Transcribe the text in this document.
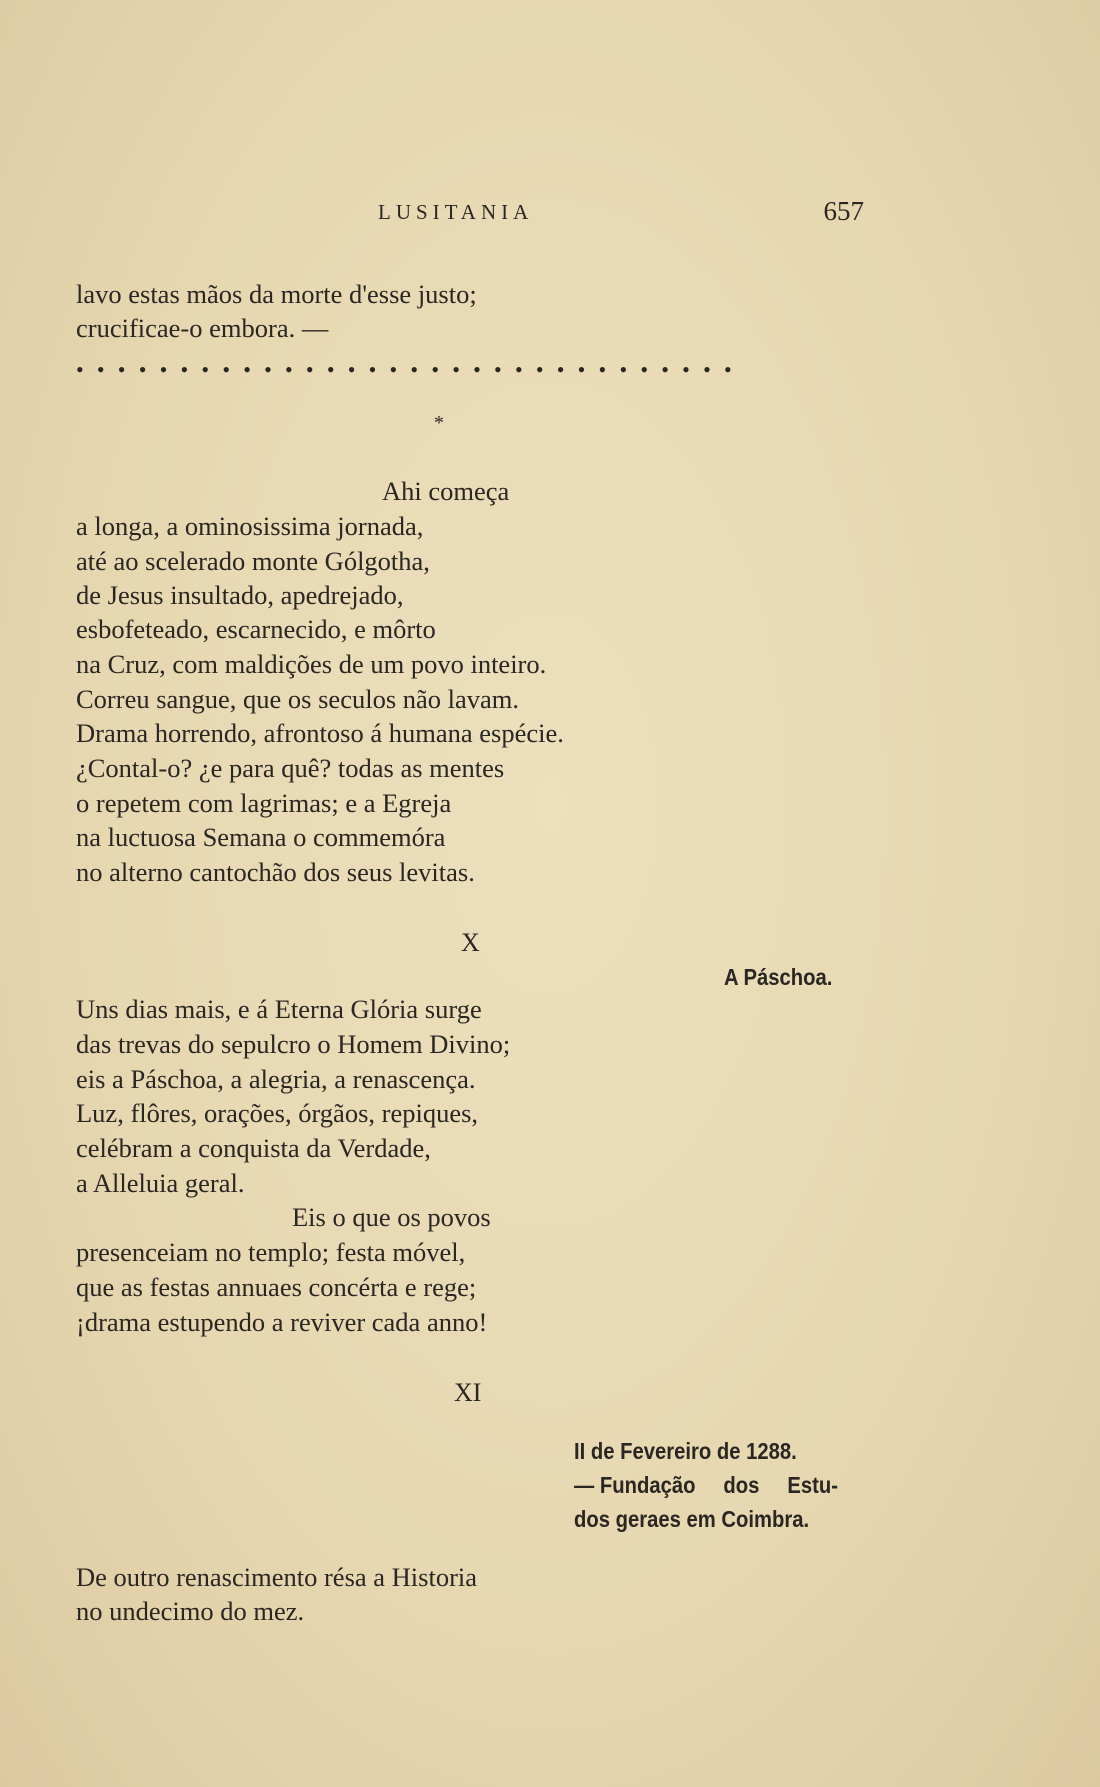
LUSITANIA	657
lavo estas mãos da morte d'esse justo;
crucificae-o embora. —
••••••••••••••••••••••••••••••••
*
Ahi começa
a longa, a ominosissima jornada,
até ao scelerado monte Gólgotha,
de Jesus insultado, apedrejado,
esbofeteado, escarnecido, e môrto
na Cruz, com maldições de um povo inteiro.
Correu sangue, que os seculos não lavam.
Drama horrendo, afrontoso á humana espécie.
¿Contal-o? ¿e para quê? todas as mentes
o repetem com lagrimas; e a Egreja
na luctuosa Semana o commemóra
no alterno cantochão dos seus levitas.
X
A Páschoa.
Uns dias mais, e á Eterna Glória surge
das trevas do sepulcro o Homem Divino;
eis a Páschoa, a alegria, a renascença.
Luz, flôres, orações, órgãos, repiques,
celébram a conquista da Verdade,
a Alleluia geral.
Eis o que os povos
presenceiam no templo; festa móvel,
que as festas annuaes concérta e rege;
¡drama estupendo a reviver cada anno!
XI
II de Fevereiro de 1288.
— Fundação dos Estu-
dos geraes em Coimbra.
De outro renascimento résa a Historia
no undecimo do mez.
